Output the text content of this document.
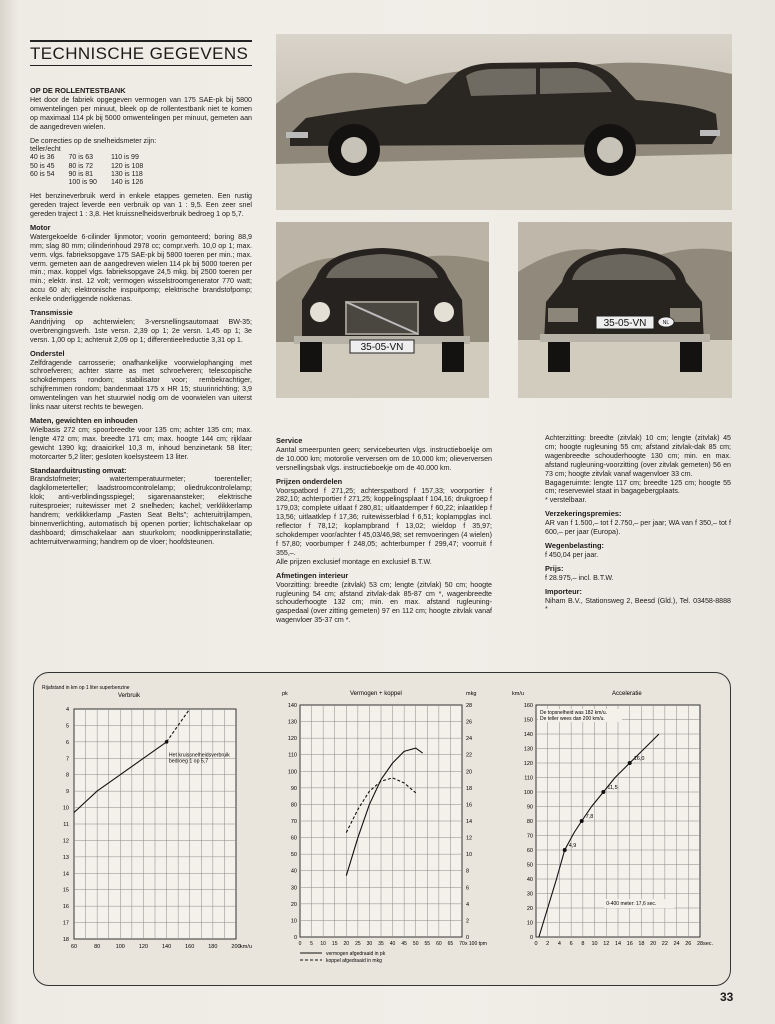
TECHNISCHE GEGEVENS
OP DE ROLLENTESTBANK

Het door de fabriek opgegeven vermogen van 175 SAE-pk bij 5800 omwentelingen per minuut, bleek op de rollentestbank niet te komen op maximaal 114 pk bij 5000 omwentelingen per minuut, gemeten aan de aangedreven wielen.

De correcties op de snelheidsmeter zijn:
teller/echt
40 is 36	70 is 63	110 is 99
50 is 45	80 is 72	120 is 108
60 is 54	90 is 81	130 is 118
	100 is 90	140 is 126

Het benzineverbruik werd in enkele etappes gemeten. Een rustig gereden traject leverde een verbruik op van 1 : 9,5. Een zeer snel gereden traject 1 : 3,8. Het kruissnelheidsverbruik bedroeg 1 op 5,7.

Motor

Watergekoelde 6-cilinder lijnmotor; voorin gemonteerd; boring 88,9 mm; slag 80 mm; cilinderinhoud 2978 cc; compr.verh. 10,0 op 1; max. verm. vlgs. fabrieksopgave 175 SAE-pk bij 5800 toeren per min.; max. verm. gemeten aan de aangedreven wielen 114 pk bij 5000 toeren per min.; max. koppel vlgs. fabrieksopgave 24,5 mkg. bij 2500 toeren per min.; elektr. inst. 12 volt; vermogen wisselstroomgenerator 770 watt; accu 60 ah; elektronische inspuitpomp; elektrische brandstofpomp; enkele onderliggende nokkenas.

Transmissie

Aandrijving op achterwielen; 3-versnellingsautomaat BW-35; overbrengingsverh. 1ste versn. 2,39 op 1; 2e versn. 1,45 op 1; 3e versn. 1,00 op 1; achteruit 2,09 op 1; differentieelreductie 3,31 op 1.

Onderstel

Zelfdragende carrosserie; onafhankelijke voorwielophanging met schroefveren; achter starre as met schroefveren; telescopische schokdempers rondom; stabilisator voor; rembekrachtiger, schijfremmen rondom; bandenmaat 175 x HR 15; stuurinrichting; 3,9 omwentelingen van het stuurwiel nodig om de voorwielen van uiterst links naar uiterst rechts te bewegen.

Maten, gewichten en inhouden

Wielbasis 272 cm; spoorbreedte voor 135 cm; achter 135 cm; max. lengte 472 cm; max. breedte 171 cm; max. hoogte 144 cm; rijklaar gewicht 1390 kg; draaicirkel 10,3 m, inhoud benzinetank 58 liter; motorcarter 5,2 liter; gesloten koelsysteem 13 liter.

Standaarduitrusting omvat:

Brandstofmeter; watertemperatuurmeter; toerenteller; dagkilometerteller; laadstroomcontrolelamp; oliedrukcontrolelamp; klok; anti-verblindingsspiegel; sigarenaansteker; elektrische ruitesproeier; ruitewisser met 2 snelheden; kachel; verklikkerlamp handrem; verklikkerlamp „Fasten Seat Belts”; achteruitrijlampen, binnenverlichting, automatisch bij openen portier; lichtschakelaar op dashboard; dimschakelaar aan stuurkolom; noodknipperinstallatie; achterruitverwarming; handrem op de vloer; hoofdsteunen.

35-05-VN
35-05-VN	NL
Service

Aantal smeerpunten geen; servicebeurten vlgs. instructieboekje om de 10.000 km; motorolie verversen om de 10.000 km; olieverversen versnellingsbak vlgs. instructieboekje om de 40.000 km.

Prijzen onderdelen

Voorspatbord f 271,25; achterspatbord f 157,33; voorportier f 282,10; achterportier f 271,25; koppelingsplaat f 104,16; drukgroep f 179,03; complete uitlaat f 280,81; uitlaatdemper f 60,22; inlaatklep f 13,56; uitlaatklep f 17,36; ruitewisserblad f 6,51; koplampglas incl. reflector f 78,12; koplampbrand f 13,02; wieldop f 35,97; schokdemper voor/achter f 45,03/46,98; set remvoeringen (4 wielen) f 57,80; voorbumper f 248,05; achterbumper f 299,47; voorruit f 355,–.

Alle prijzen exclusief montage en exclusief B.T.W.

Afmetingen interieur

Voorzitting: breedte (zitvlak) 53 cm; lengte (zitvlak) 50 cm; hoogte rugleuning 54 cm; afstand zitvlak-dak 85-87 cm *, wagenbreedte schouderhoogte 132 cm; min. en max. afstand rugleuning-gaspedaal (over zitting gemeten) 97 en 112 cm; hoogte zitvlak vanaf wagenvloer 35-37 cm *.

Achterzitting: breedte (zitvlak) 10 cm; lengte (zitvlak) 45 cm; hoogte rugleuning 55 cm; afstand zitvlak-dak 85 cm; wagenbreedte schouderhoogte 130 cm; min. en max. afstand rugleuning-voorzitting (over zitvlak gemeten) 56 en 73 cm; hoogte zitvlak vanaf wagenvloer 33 cm.

Bagageruimte: lengte 117 cm; breedte 125 cm; hoogte 55 cm; reservewiel staat in bagagebergplaats.

* verstelbaar.

Verzekeringspremies:

AR van f 1.500,– tot f 2.750,– per jaar; WA van f 350,– tot f 600,– per jaar (Europa).

Wegenbelasting:

f 450,04 per jaar.

Prijs:

f 28.975,– incl. B.T.W.

Importeur:

Niham B.V., Stationsweg 2, Beesd (Gld.), Tel. 03458-8888 *

Rijafstand in km op 1 liter superbenzine
Verbruik
4
5
6
7
8
9
10
11
12
13
14
15
16
17
18
60	80	100	120	140	160	180	200 km/u
Het kruissnelheidsverbruik bedroeg 1 op 5,7
Vermogen + koppel
pk	mkg
0
10
20
30
40
50
60
70
80
90
100
110
120
130
140
0
2
4
6
8
10
12
14
16
18
20
22
24
26
28
0 5 10 15 20 25 30 35 40 45 50 55 60 65 70 x 100 tpm
vermogen afgedraaid in pk
koppel afgedraaid in mkg
Acceleratie
km/u
0
10
20
30
40
50
60
70
80
90
100
110
120
130
140
150
160
0 2 4 6 8 10 12 14 16 18 20 22 24 26 28 sec.
De topsnelheid was 182 km/u.
De teller wees dan 200 km/u.
0-400 meter: 17,6 sec.
4,9
7,8
11,5
16,0
33
